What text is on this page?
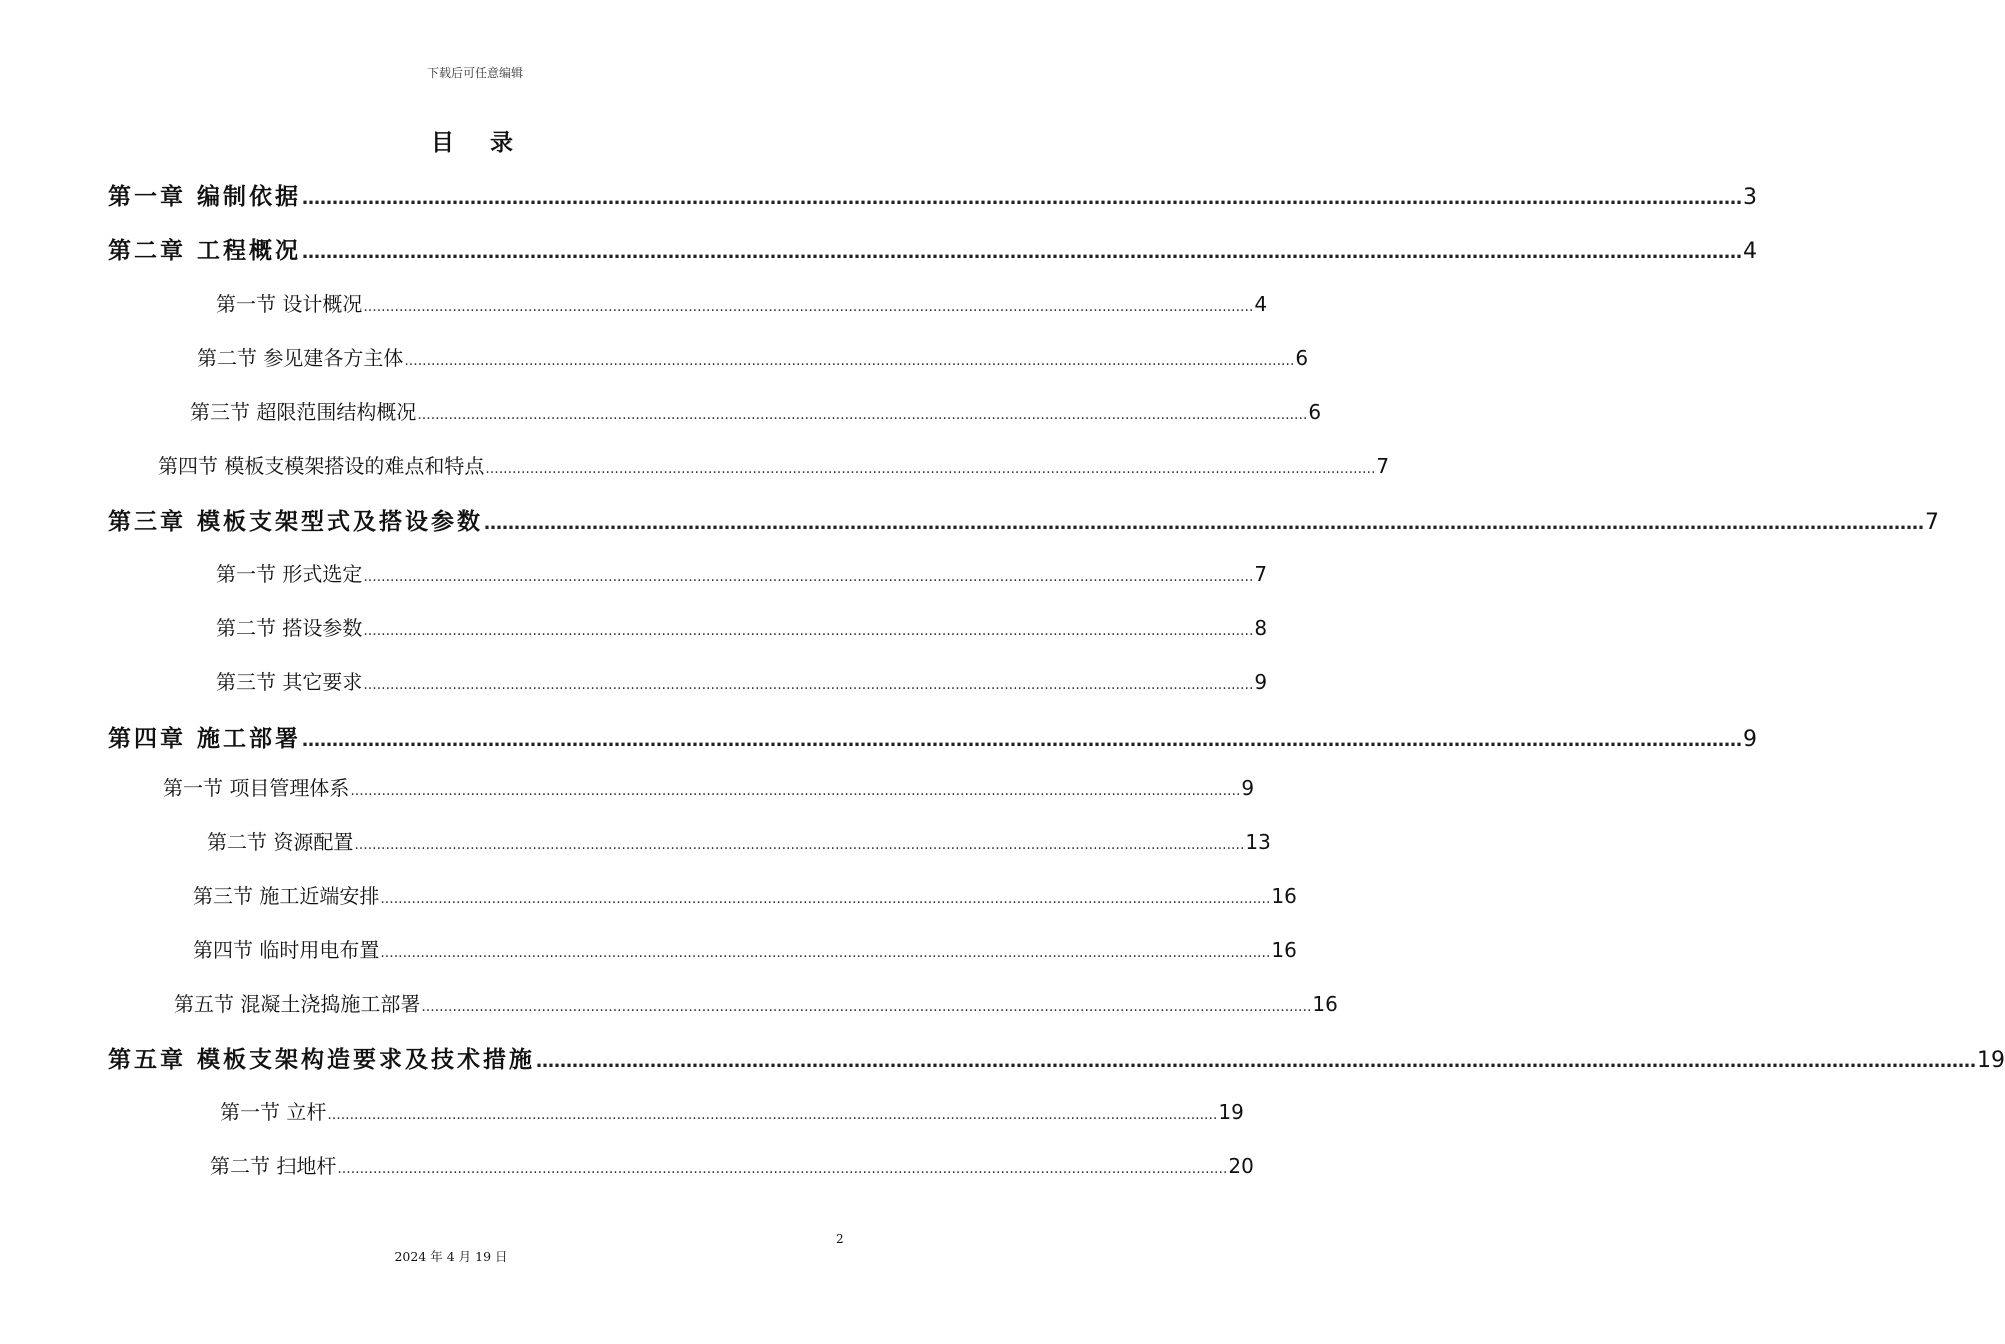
下载后可任意编辑
目 录
第一章 编制依据 …………………………………………………………………………………………………………………………………………………………………………………………………………………… 3
第二章 工程概况 …………………………………………………………………………………………………………………………………………………………………………………………………………………… 4
第一节 设计概况 ........................................................................................................................................................................................................ 4
第二节 参见建各方主体 ........................................................................................................................................................................................................ 6
第三节 超限范围结构概况 ........................................................................................................................................................................................................ 6
第四节 模板支模架搭设的难点和特点 ........................................................................................................................................................................................................ 7
第三章 模板支架型式及搭设参数 …………………………………………………………………………………………………………………………………………………………………………………………………………………… 7
第一节 形式选定 ........................................................................................................................................................................................................ 7
第二节 搭设参数 ........................................................................................................................................................................................................ 8
第三节 其它要求 ........................................................................................................................................................................................................ 9
第四章 施工部署 …………………………………………………………………………………………………………………………………………………………………………………………………………………… 9
第一节 项目管理体系 ........................................................................................................................................................................................................ 9
第二节 资源配置 ........................................................................................................................................................................................................ 13
第三节 施工近端安排 ........................................................................................................................................................................................................ 16
第四节 临时用电布置 ........................................................................................................................................................................................................ 16
第五节 混凝土浇捣施工部署 ........................................................................................................................................................................................................ 16
第五章 模板支架构造要求及技术措施 …………………………………………………………………………………………………………………………………………………………………………………………………………………… 19
第一节 立杆 ........................................................................................................................................................................................................ 19
第二节 扫地杆 ........................................................................................................................................................................................................ 20
2
2024 年 4 月 19 日
